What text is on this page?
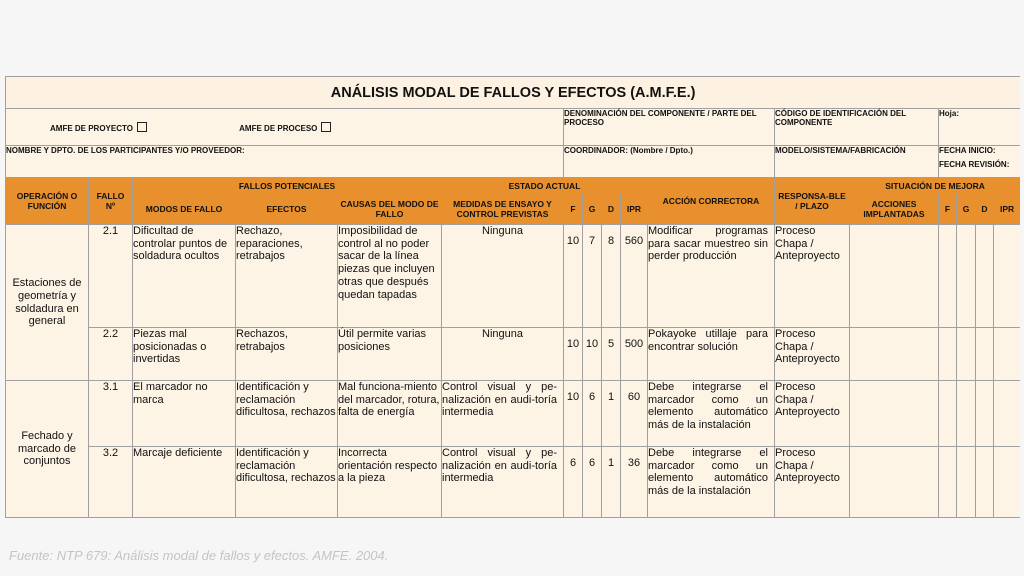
ANÁLISIS MODAL DE FALLOS Y EFECTOS (A.M.F.E.)																
AMFE DE PROYECTO AMFE DE PROCESO						DENOMINACIÓN DEL COMPONENTE / PARTE DEL PROCESO					CÓDIGO DE IDENTIFICACIÓN DEL COMPONENTE		Hoja:			
NOMBRE Y DPTO. DE LOS PARTICIPANTES Y/O PROVEEDOR:						COORDINADOR: (Nombre / Dpto.)					MODELO/SISTEMA/FABRICACIÓN		FECHA INICIO:
FECHA REVISIÓN:			

OPERACIÓN O FUNCIÓN	FALLO Nº	FALLOS POTENCIALES			ESTADO ACTUAL					ACCIÓN CORRECTORA	RESPONSA-BLE / PLAZO	SITUACIÓN DE MEJORA				
		MODOS DE FALLO	EFECTOS	CAUSAS DEL MODO DE FALLO	MEDIDAS DE ENSAYO Y CONTROL PREVISTAS	F	G	D	IPR			ACCIONES IMPLANTADAS	F	G	D	IPR
Estaciones de geometría y soldadura en general	2.1	Dificultad de controlar puntos de soldadura ocultos	Rechazo, reparaciones, retrabajos	Imposibilidad de control al no poder sacar de la línea piezas que incluyen otras que después quedan tapadas	Ninguna	10	7	8	560	Modificar programas para sacar muestreo sin perder producción	Proceso Chapa / Anteproyecto					
	2.2	Piezas mal posicionadas o invertidas	Rechazos, retrabajos	Útil permite varias posiciones	Ninguna	10	10	5	500	Pokayoke utillaje para encontrar solución	Proceso Chapa / Anteproyecto					
Fechado y marcado de conjuntos	3.1	El marcador no marca	Identificación y reclamación dificultosa, rechazos	Mal funciona-miento del marcador, rotura, falta de energía	Control visual y pe-nalización en audi-toría intermedia	10	6	1	60	Debe integrarse el marcador como un elemento automático más de la instalación	Proceso Chapa / Anteproyecto					
	3.2	Marcaje deficiente	Identificación y reclamación dificultosa, rechazos	Incorrecta orientación respecto a la pieza	Control visual y pe-nalización en audi-toría intermedia	6	6	1	36	Debe integrarse el marcador como un elemento automático más de la instalación	Proceso Chapa / Anteproyecto					
Fuente: NTP 679: Análisis modal de fallos y efectos. AMFE. 2004.
